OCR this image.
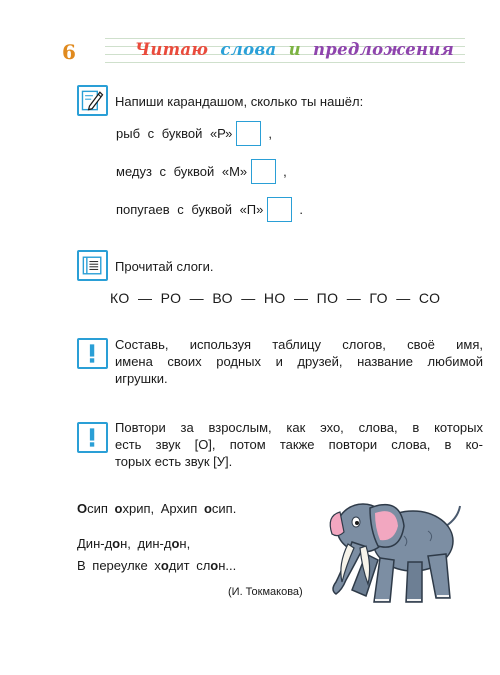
6	Читаю слова и предложения
Напиши карандашом, сколько ты нашёл:
рыб с буквой «Р»	,
медуз с буквой «М»	,
попугаев с буквой «П»	.
Прочитай слоги.
КО — РО — ВО — НО — ПО — ГО — СО
Составь, используя таблицу слогов, своё имя,
имена своих родных и друзей, название любимой
игрушки.
Повтори за взрослым, как эхо, слова, в которых
есть звук [О], потом также повтори слова, в ко-
торых есть звук [У].
Осип охрип, Архип осип.
Дин-дон, дин-дон,
В переулке ходит слон...
(И. Токмакова)
